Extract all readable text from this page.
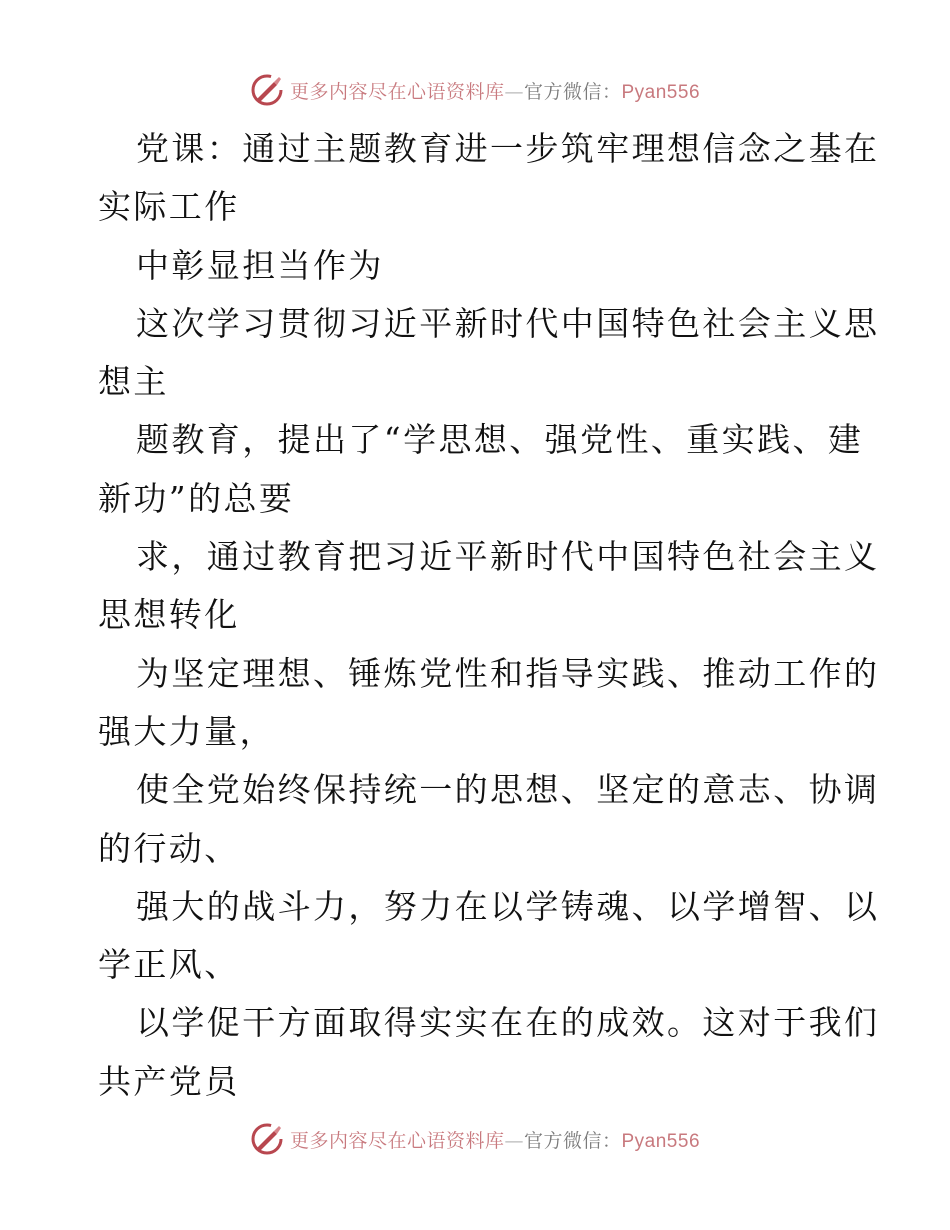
更多内容尽在心语资料库—官方微信：Pyan556

党课：通过主题教育进一步筑牢理想信念之基在

实际工作

中彰显担当作为

这次学习贯彻习近平新时代中国特色社会主义思

想主

题教育，提出了“学思想、强党性、重实践、建

新功”的总要

求，通过教育把习近平新时代中国特色社会主义

思想转化

为坚定理想、锤炼党性和指导实践、推动工作的

强大力量，

使全党始终保持统一的思想、坚定的意志、协调

的行动、

强大的战斗力，努力在以学铸魂、以学增智、以

学正风、

以学促干方面取得实实在在的成效。这对于我们

共产党员

更多内容尽在心语资料库—官方微信：Pyan556
